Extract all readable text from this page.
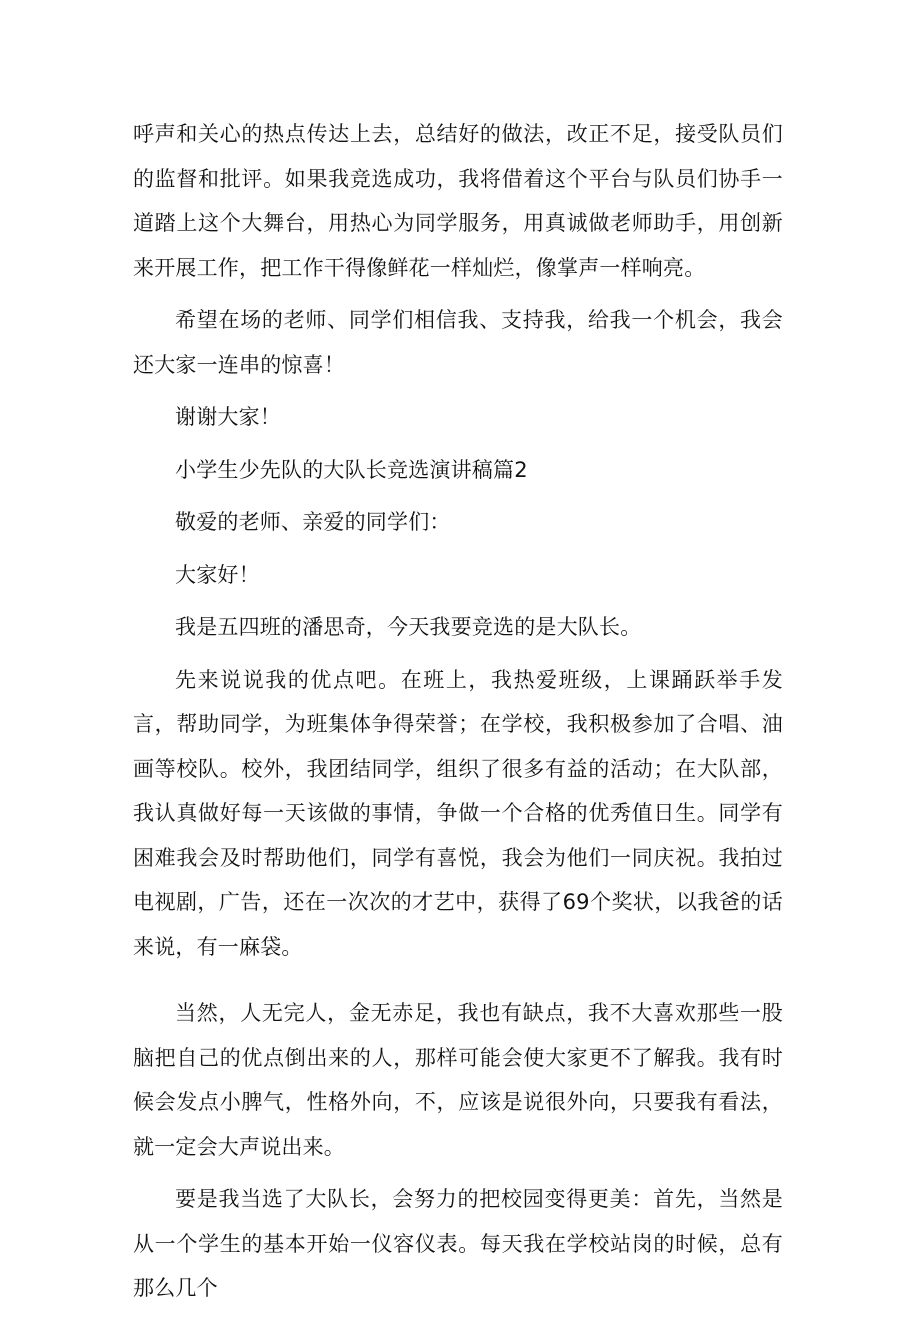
呼声和关心的热点传达上去，总结好的做法，改正不足，接受队员们的监督和批评。如果我竞选成功，我将借着这个平台与队员们协手一道踏上这个大舞台，用热心为同学服务，用真诚做老师助手，用创新来开展工作，把工作干得像鲜花一样灿烂，像掌声一样响亮。

希望在场的老师、同学们相信我、支持我，给我一个机会，我会还大家一连串的惊喜！

谢谢大家！

小学生少先队的大队长竞选演讲稿篇2

敬爱的老师、亲爱的同学们：

大家好！

我是五四班的潘思奇，今天我要竞选的是大队长。

先来说说我的优点吧。在班上，我热爱班级，上课踊跃举手发言，帮助同学，为班集体争得荣誉；在学校，我积极参加了合唱、油画等校队。校外，我团结同学，组织了很多有益的活动；在大队部，我认真做好每一天该做的事情，争做一个合格的优秀值日生。同学有困难我会及时帮助他们，同学有喜悦，我会为他们一同庆祝。我拍过电视剧，广告，还在一次次的才艺中，获得了69个奖状，以我爸的话来说，有一麻袋。

当然，人无完人，金无赤足，我也有缺点，我不大喜欢那些一股脑把自己的优点倒出来的人，那样可能会使大家更不了解我。我有时候会发点小脾气，性格外向，不，应该是说很外向，只要我有看法，就一定会大声说出来。

要是我当选了大队长，会努力的把校园变得更美：首先，当然是从一个学生的基本开始一仪容仪表。每天我在学校站岗的时候，总有那么几个
